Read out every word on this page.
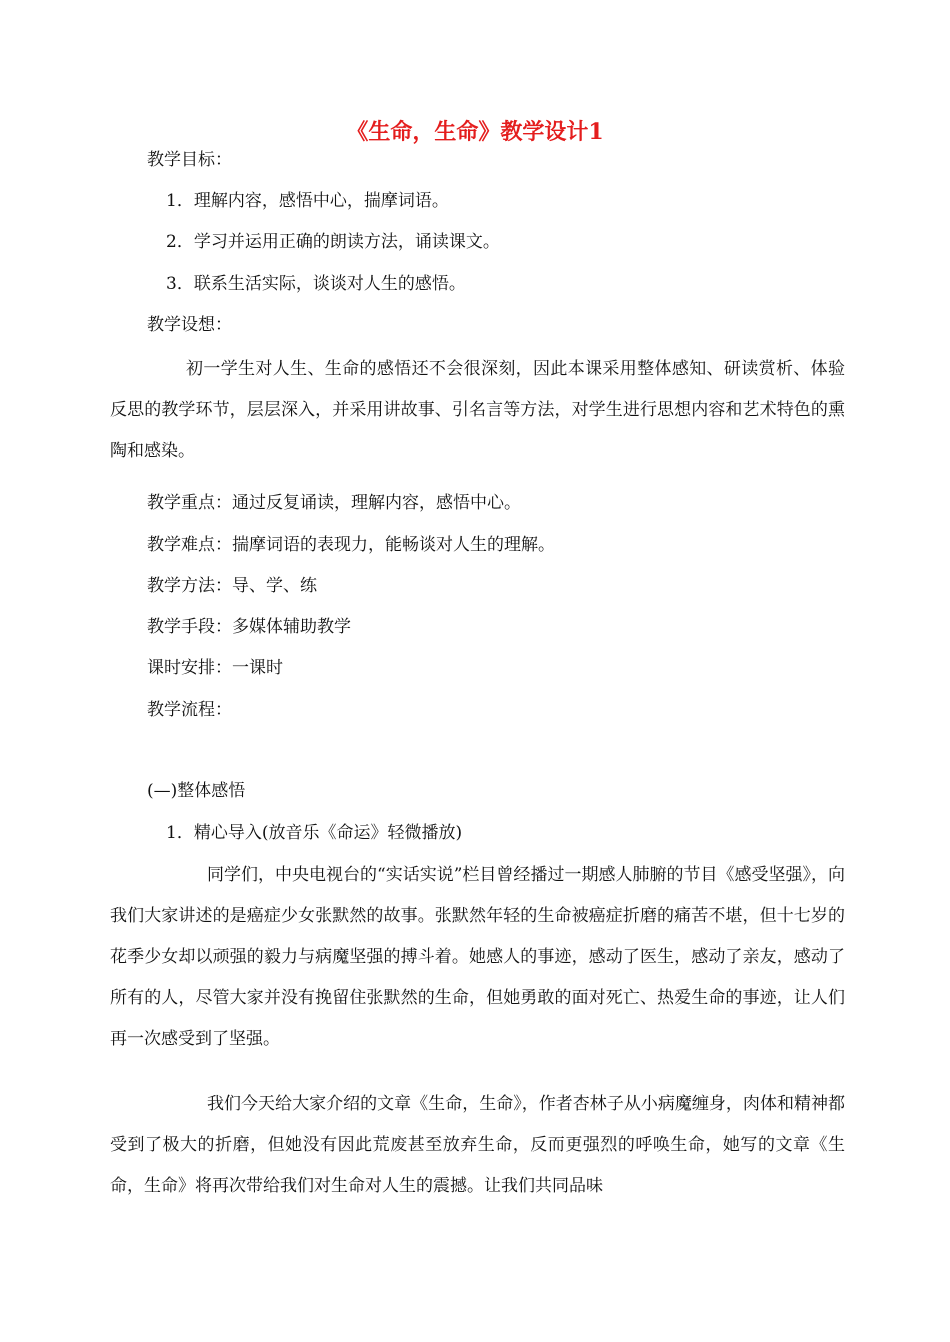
《生命，生命》教学设计1
教学目标：
1．理解内容，感悟中心，揣摩词语。
2．学习并运用正确的朗读方法，诵读课文。
3．联系生活实际，谈谈对人生的感悟。
教学设想：
初一学生对人生、生命的感悟还不会很深刻，因此本课采用整体感知、研读赏析、体验反思的教学环节，层层深入，并采用讲故事、引名言等方法，对学生进行思想内容和艺术特色的熏陶和感染。
教学重点：通过反复诵读，理解内容，感悟中心。
教学难点：揣摩词语的表现力，能畅谈对人生的理解。
教学方法：导、学、练
教学手段：多媒体辅助教学
课时安排：一课时
教学流程：
(—)整体感悟
1．精心导入(放音乐《命运》轻微播放)
同学们，中央电视台的“实话实说”栏目曾经播过一期感人肺腑的节目《感受坚强》，向我们大家讲述的是癌症少女张默然的故事。张默然年轻的生命被癌症折磨的痛苦不堪，但十七岁的花季少女却以顽强的毅力与病魔坚强的搏斗着。她感人的事迹，感动了医生，感动了亲友，感动了所有的人，尽管大家并没有挽留住张默然的生命，但她勇敢的面对死亡、热爱生命的事迹，让人们再一次感受到了坚强。
我们今天给大家介绍的文章《生命，生命》，作者杏林子从小病魔缠身，肉体和精神都受到了极大的折磨，但她没有因此荒废甚至放弃生命，反而更强烈的呼唤生命，她写的文章《生命，生命》将再次带给我们对生命对人生的震撼。让我们共同品味
